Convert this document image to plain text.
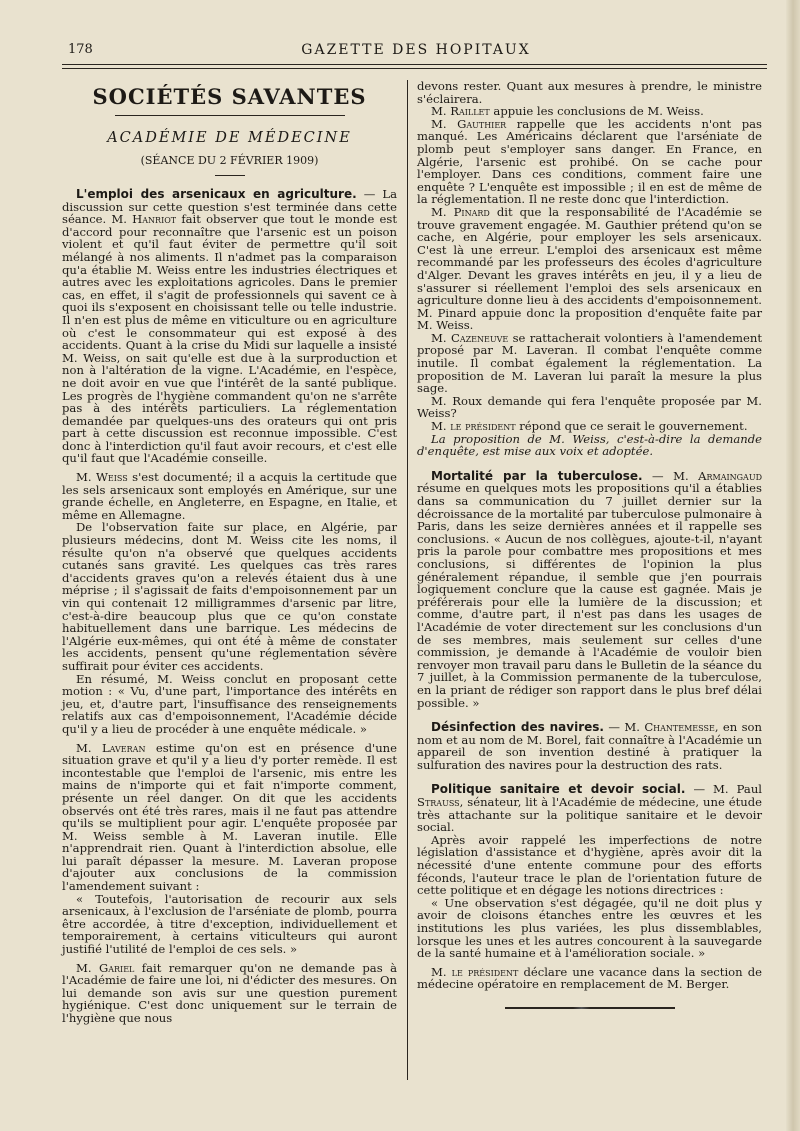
178	GAZETTE DES HOPITAUX
SOCIÉTÉS SAVANTES
ACADÉMIE DE MÉDECINE
(SÉANCE DU 2 FÉVRIER 1909)

L'emploi des arsenicaux en agriculture. — La discussion sur cette question s'est terminée dans cette séance. M. Hanriot fait observer que tout le monde est d'accord pour reconnaître que l'arsenic est un poison violent et qu'il faut éviter de permettre qu'il soit mélangé à nos aliments. Il n'admet pas la comparaison qu'a établie M. Weiss entre les industries électriques et autres avec les exploitations agricoles. Dans le premier cas, en effet, il s'agit de professionnels qui savent ce à quoi ils s'exposent en choisissant telle ou telle industrie. Il n'en est plus de même en viticulture ou en agriculture où c'est le consommateur qui est exposé à des accidents. Quant à la crise du Midi sur laquelle a insisté M. Weiss, on sait qu'elle est due à la surproduction et non à l'altération de la vigne. L'Académie, en l'espèce, ne doit avoir en vue que l'intérêt de la santé publique. Les progrès de l'hygiène commandent qu'on ne s'arrête pas à des intérêts particuliers. La réglementation demandée par quelques-uns des orateurs qui ont pris part à cette discussion est reconnue impossible. C'est donc à l'interdiction qu'il faut avoir recours, et c'est elle qu'il faut que l'Académie conseille.

M. Weiss s'est documenté; il a acquis la certitude que les sels arsenicaux sont employés en Amérique, sur une grande échelle, en Angleterre, en Espagne, en Italie, et même en Allemagne.

De l'observation faite sur place, en Algérie, par plusieurs médecins, dont M. Weiss cite les noms, il résulte qu'on n'a observé que quelques accidents cutanés sans gravité. Les quelques cas très rares d'accidents graves qu'on a relevés étaient dus à une méprise ; il s'agissait de faits d'empoisonnement par un vin qui contenait 12 milligrammes d'arsenic par litre, c'est-à-dire beaucoup plus que ce qu'on constate habituellement dans une barrique. Les médecins de l'Algérie eux-mêmes, qui ont été à même de constater les accidents, pensent qu'une réglementation sévère suffirait pour éviter ces accidents.

En résumé, M. Weiss conclut en proposant cette motion : « Vu, d'une part, l'importance des intérêts en jeu, et, d'autre part, l'insuffisance des renseignements relatifs aux cas d'empoisonnement, l'Académie décide qu'il y a lieu de procéder à une enquête médicale. »

M. Laveran estime qu'on est en présence d'une situation grave et qu'il y a lieu d'y porter remède. Il est incontestable que l'emploi de l'arsenic, mis entre les mains de n'importe qui et fait n'importe comment, présente un réel danger. On dit que les accidents observés ont été très rares, mais il ne faut pas attendre qu'ils se multiplient pour agir. L'enquête proposée par M. Weiss semble à M. Laveran inutile. Elle n'apprendrait rien. Quant à l'interdiction absolue, elle lui paraît dépasser la mesure. M. Laveran propose d'ajouter aux conclusions de la commission l'amendement suivant :

« Toutefois, l'autorisation de recourir aux sels arsenicaux, à l'exclusion de l'arséniate de plomb, pourra être accordée, à titre d'exception, individuellement et temporairement, à certains viticulteurs qui auront justifié l'utilité de l'emploi de ces sels. »

M. Gariel fait remarquer qu'on ne demande pas à l'Académie de faire une loi, ni d'édicter des mesures. On lui demande son avis sur une question purement hygiénique. C'est donc uniquement sur le terrain de l'hygiène que nous

devons rester. Quant aux mesures à prendre, le ministre s'éclairera.

M. Raillet appuie les conclusions de M. Weiss.

M. Gauthier rappelle que les accidents n'ont pas manqué. Les Américains déclarent que l'arséniate de plomb peut s'employer sans danger. En France, en Algérie, l'arsenic est prohibé. On se cache pour l'employer. Dans ces conditions, comment faire une enquête ? L'enquête est impossible ; il en est de même de la réglementation. Il ne reste donc que l'interdiction.

M. Pinard dit que la responsabilité de l'Académie se trouve gravement engagée. M. Gauthier prétend qu'on se cache, en Algérie, pour employer les sels arsenicaux. C'est là une erreur. L'emploi des arsenicaux est même recommandé par les professeurs des écoles d'agriculture d'Alger. Devant les graves intérêts en jeu, il y a lieu de s'assurer si réellement l'emploi des sels arsenicaux en agriculture donne lieu à des accidents d'empoisonnement. M. Pinard appuie donc la proposition d'enquête faite par M. Weiss.

M. Cazeneuve se rattacherait volontiers à l'amendement proposé par M. Laveran. Il combat l'enquête comme inutile. Il combat également la réglementation. La proposition de M. Laveran lui paraît la mesure la plus sage.

M. Roux demande qui fera l'enquête proposée par M. Weiss?

M. le président répond que ce serait le gouvernement.

La proposition de M. Weiss, c'est-à-dire la demande d'enquête, est mise aux voix et adoptée.

Mortalité par la tuberculose. — M. Armaingaud résume en quelques mots les propositions qu'il a établies dans sa communication du 7 juillet dernier sur la décroissance de la mortalité par tuberculose pulmonaire à Paris, dans les seize dernières années et il rappelle ses conclusions. « Aucun de nos collègues, ajoute-t-il, n'ayant pris la parole pour combattre mes propositions et mes conclusions, si différentes de l'opinion la plus généralement répandue, il semble que j'en pourrais logiquement conclure que la cause est gagnée. Mais je préférerais pour elle la lumière de la discussion; et comme, d'autre part, il n'est pas dans les usages de l'Académie de voter directement sur les conclusions d'un de ses membres, mais seulement sur celles d'une commission, je demande à l'Académie de vouloir bien renvoyer mon travail paru dans le Bulletin de la séance du 7 juillet, à la Commission permanente de la tuberculose, en la priant de rédiger son rapport dans le plus bref délai possible. »

Désinfection des navires. — M. Chantemesse, en son nom et au nom de M. Borel, fait connaître à l'Académie un appareil de son invention destiné à pratiquer la sulfuration des navires pour la destruction des rats.

Politique sanitaire et devoir social. — M. Paul Strauss, sénateur, lit à l'Académie de médecine, une étude très attachante sur la politique sanitaire et le devoir social.

Après avoir rappelé les imperfections de notre législation d'assistance et d'hygiène, après avoir dit la nécessité d'une entente commune pour des efforts féconds, l'auteur trace le plan de l'orientation future de cette politique et en dégage les notions directrices :

« Une observation s'est dégagée, qu'il ne doit plus y avoir de cloisons étanches entre les œuvres et les institutions les plus variées, les plus dissemblables, lorsque les unes et les autres concourent à la sauvegarde de la santé humaine et à l'amélioration sociale. »

M. le président déclare une vacance dans la section de médecine opératoire en remplacement de M. Berger.
